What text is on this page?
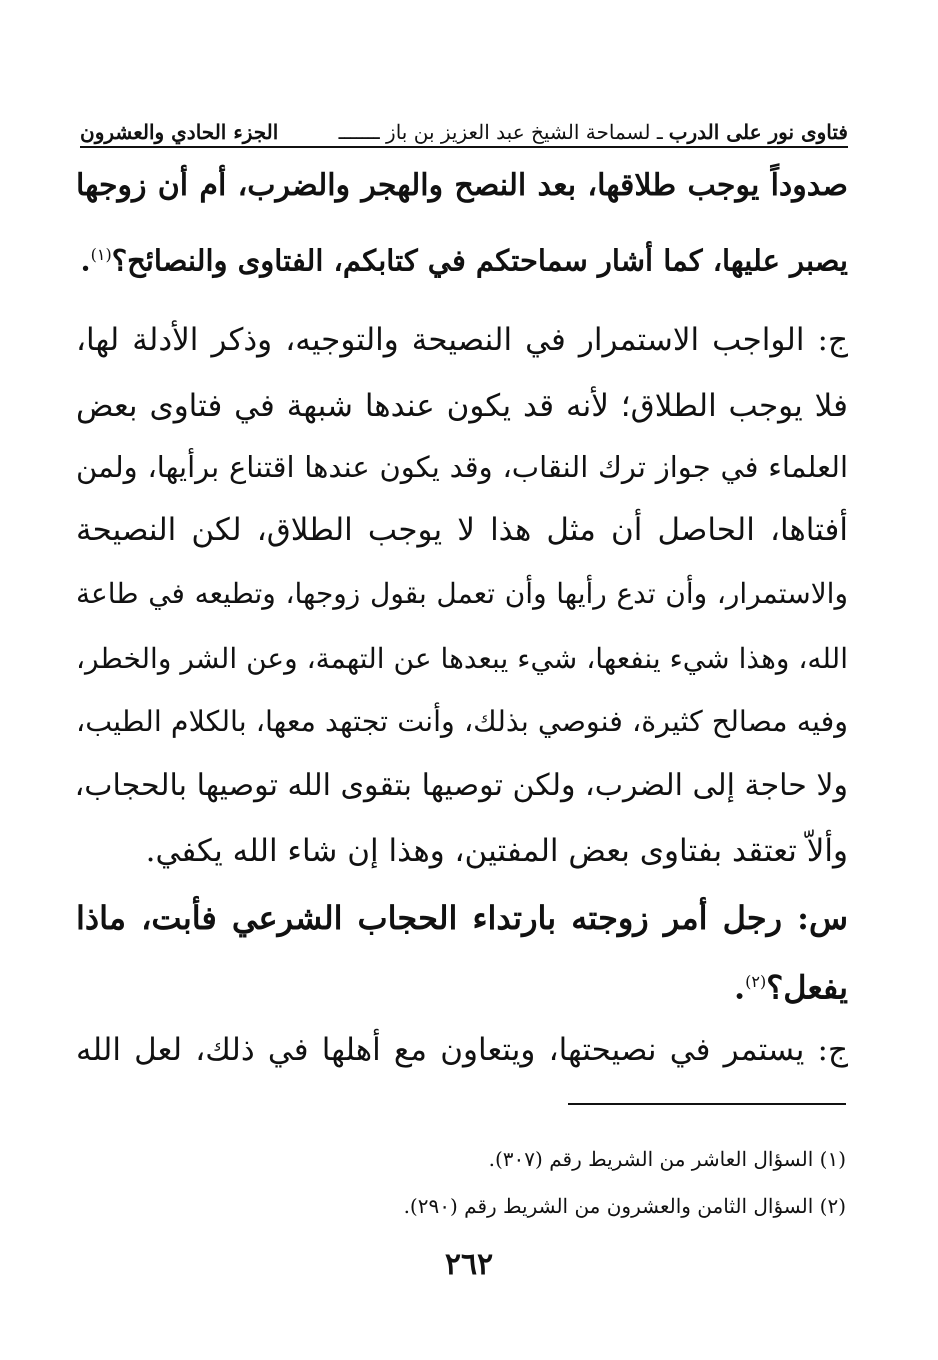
فتاوى نور على الدرب
ـ لسماحة الشيخ عبد العزيز بن باز ـــــــ
الجزء الحادي والعشرون
صدوداً يوجب طلاقها، بعد النصح والهجر والضرب، أم أن زوجها
يصبر عليها، كما أشار سماحتكم في كتابكم، الفتاوى والنصائح؟$^{(١)}$.
ج: الواجب الاستمرار في النصيحة والتوجيه، وذكر الأدلة لها،
فلا يوجب الطلاق؛ لأنه قد يكون عندها شبهة في فتاوى بعض
العلماء في جواز ترك النقاب، وقد يكون عندها اقتناع برأيها، ولمن
أفتاها، الحاصل أن مثل هذا لا يوجب الطلاق، لكن النصيحة
والاستمرار، وأن تدع رأيها وأن تعمل بقول زوجها، وتطيعه في طاعة
الله، وهذا شيء ينفعها، شيء يبعدها عن التهمة، وعن الشر والخطر،
وفيه مصالح كثيرة، فنوصي بذلك، وأنت تجتهد معها، بالكلام الطيب،
ولا حاجة إلى الضرب، ولكن توصيها بتقوى الله توصيها بالحجاب،
وألاّ تعتقد بفتاوى بعض المفتين، وهذا إن شاء الله يكفي.
س: رجل أمر زوجته بارتداء الحجاب الشرعي فأبت، ماذا
يفعل؟$^{(٢)}$.
ج: يستمر في نصيحتها، ويتعاون مع أهلها في ذلك، لعل الله
(١) السؤال العاشر من الشريط رقم (٣٠٧).
(٢) السؤال الثامن والعشرون من الشريط رقم (٢٩٠).
٢٦٢
